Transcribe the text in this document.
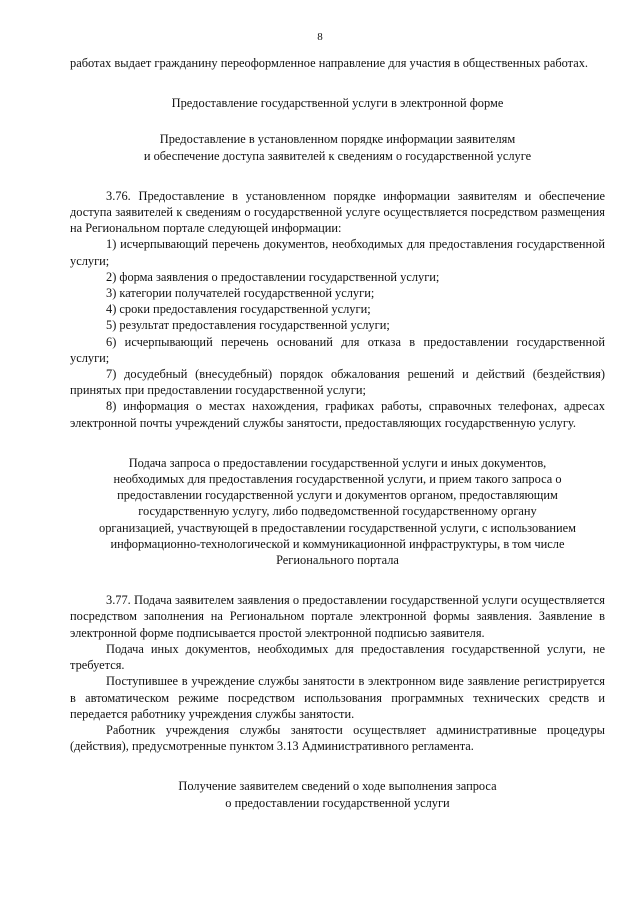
8

работах выдает гражданину переоформленное направление для участия в общественных работах.

Предоставление государственной услуги в электронной форме

Предоставление в установленном порядке информации заявителям
и обеспечение доступа заявителей к сведениям о государственной услуге

3.76. Предоставление в установленном порядке информации заявителям и обеспечение доступа заявителей к сведениям о государственной услуге осуществляется посредством размещения на Региональном портале следующей информации:

1) исчерпывающий перечень документов, необходимых для предоставления государственной услуги;

2) форма заявления о предоставлении государственной услуги;

3) категории получателей государственной услуги;

4) сроки предоставления государственной услуги;

5) результат предоставления государственной услуги;

6) исчерпывающий перечень оснований для отказа в предоставлении государственной услуги;

7) досудебный (внесудебный) порядок обжалования решений и действий (бездействия) принятых при предоставлении государственной услуги;

8) информация о местах нахождения, графиках работы, справочных телефонах, адресах электронной почты учреждений службы занятости, предоставляющих государственную услугу.

Подача запроса о предоставлении государственной услуги и иных документов,
необходимых для предоставления государственной услуги, и прием такого запроса о
предоставлении государственной услуги и документов органом, предоставляющим
государственную услугу, либо подведомственной государственному органу
организацией, участвующей в предоставлении государственной услуги, с использованием
информационно-технологической и коммуникационной инфраструктуры, в том числе
Регионального портала

3.77. Подача заявителем заявления о предоставлении государственной услуги осуществляется посредством заполнения на Региональном портале электронной формы заявления. Заявление в электронной форме подписывается простой электронной подписью заявителя.

Подача иных документов, необходимых для предоставления государственной услуги, не требуется.

Поступившее в учреждение службы занятости в электронном виде заявление регистрируется в автоматическом режиме посредством использования программных технических средств и передается работнику учреждения службы занятости.

Работник учреждения службы занятости осуществляет административные процедуры (действия), предусмотренные пунктом 3.13 Административного регламента.

Получение заявителем сведений о ходе выполнения запроса
о предоставлении государственной услуги
